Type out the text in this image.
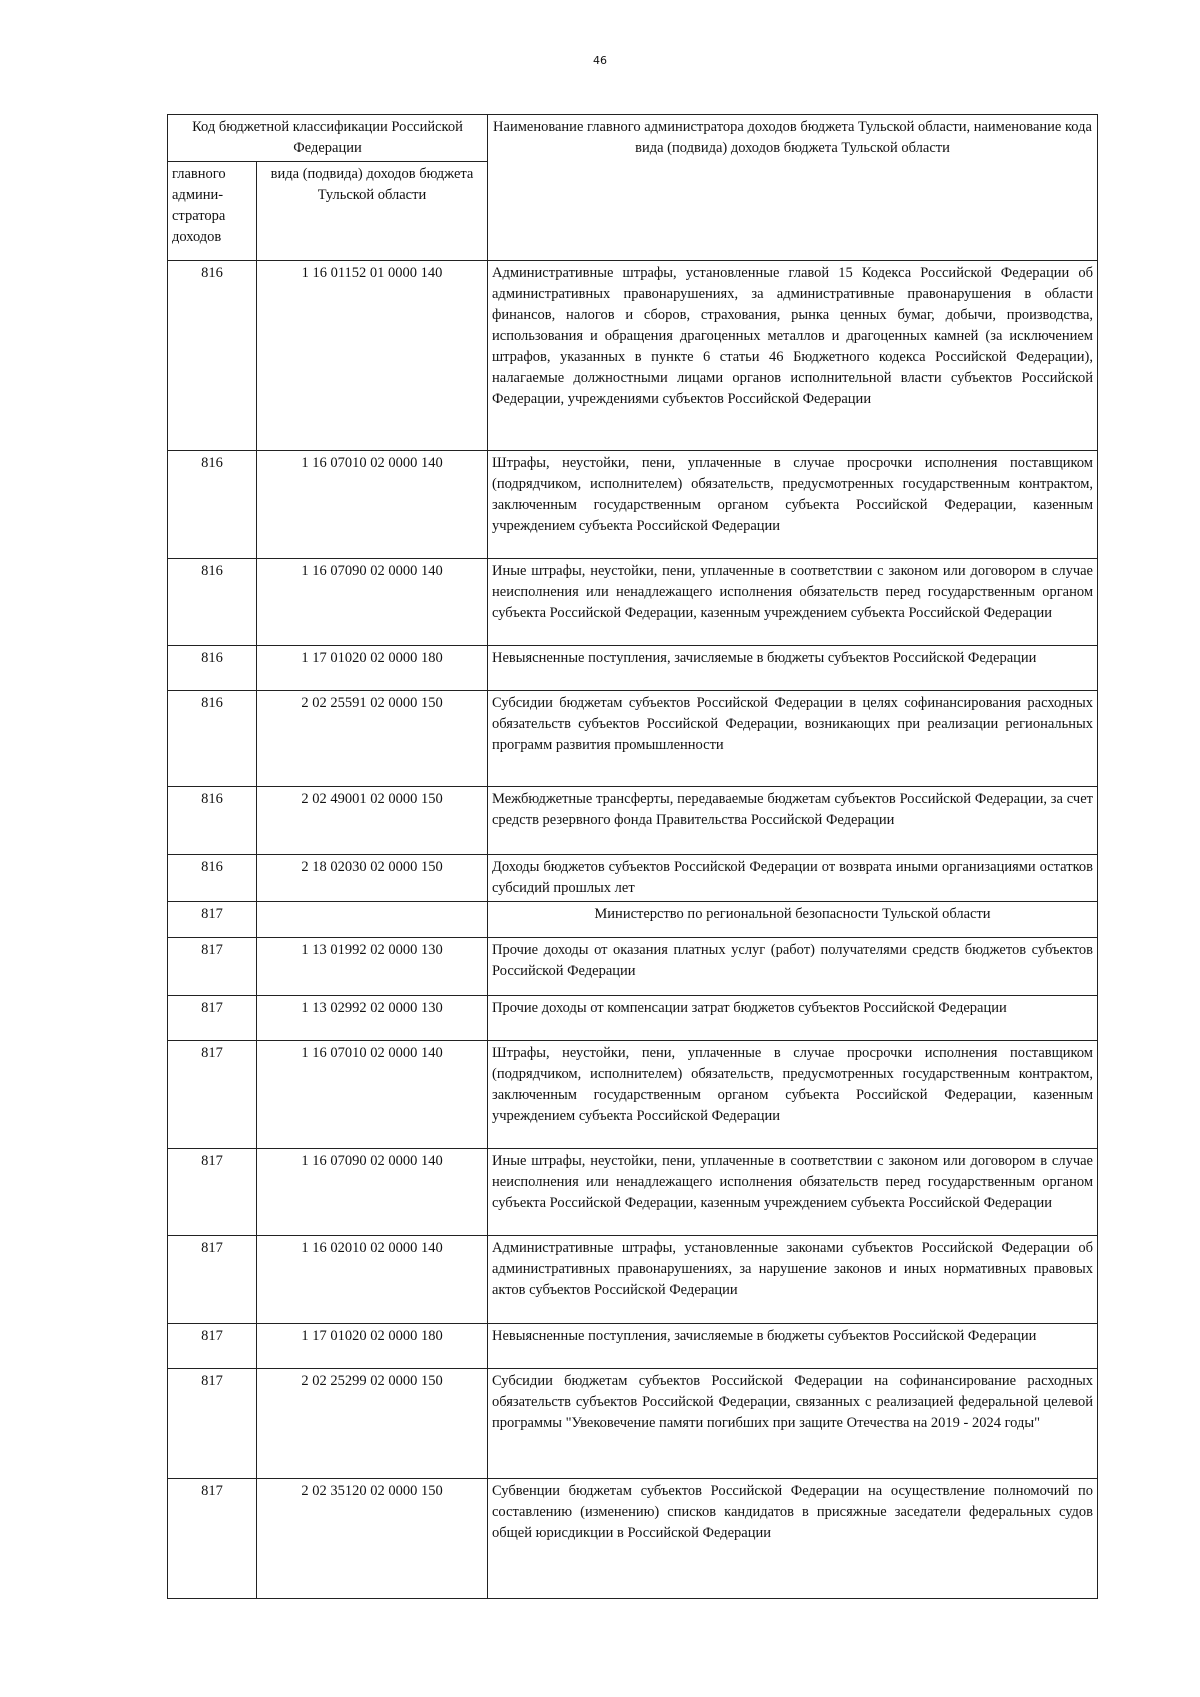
46
Код бюджетной классификации Российской Федерации		Наименование главного администратора доходов бюджета Тульской области, наименование кода вида (подвида) доходов бюджета Тульской области
главного админи-стратора доходов	вида (подвида) доходов бюджета Тульской области	
816	1 16 01152 01 0000 140	Административные штрафы, установленные главой 15 Кодекса Российской Федерации об административных правонарушениях, за административные правонарушения в области финансов, налогов и сборов, страхования, рынка ценных бумаг, добычи, производства, использования и обращения драгоценных металлов и драгоценных камней (за исключением штрафов, указанных в пункте 6 статьи 46 Бюджетного кодекса Российской Федерации), налагаемые должностными лицами органов исполнительной власти субъектов Российской Федерации, учреждениями субъектов Российской Федерации
816	1 16 07010 02 0000 140	Штрафы, неустойки, пени, уплаченные в случае просрочки исполнения поставщиком (подрядчиком, исполнителем) обязательств, предусмотренных государственным контрактом, заключенным государственным органом субъекта Российской Федерации, казенным учреждением субъекта Российской Федерации
816	1 16 07090 02 0000 140	Иные штрафы, неустойки, пени, уплаченные в соответствии с законом или договором в случае неисполнения или ненадлежащего исполнения обязательств перед государственным органом субъекта Российской Федерации, казенным учреждением субъекта Российской Федерации
816	1 17 01020 02 0000 180	Невыясненные поступления, зачисляемые в бюджеты субъектов Российской Федерации
816	2 02 25591 02 0000 150	Субсидии бюджетам субъектов Российской Федерации в целях софинансирования расходных обязательств субъектов Российской Федерации, возникающих при реализации региональных программ развития промышленности
816	2 02 49001 02 0000 150	Межбюджетные трансферты, передаваемые бюджетам субъектов Российской Федерации, за счет средств резервного фонда Правительства Российской Федерации
816	2 18 02030 02 0000 150	Доходы бюджетов субъектов Российской Федерации от возврата иными организациями остатков субсидий прошлых лет
817		Министерство по региональной безопасности Тульской области
817	1 13 01992 02 0000 130	Прочие доходы от оказания платных услуг (работ) получателями средств бюджетов субъектов Российской Федерации
817	1 13 02992 02 0000 130	Прочие доходы от компенсации затрат бюджетов субъектов Российской Федерации
817	1 16 07010 02 0000 140	Штрафы, неустойки, пени, уплаченные в случае просрочки исполнения поставщиком (подрядчиком, исполнителем) обязательств, предусмотренных государственным контрактом, заключенным государственным органом субъекта Российской Федерации, казенным учреждением субъекта Российской Федерации
817	1 16 07090 02 0000 140	Иные штрафы, неустойки, пени, уплаченные в соответствии с законом или договором в случае неисполнения или ненадлежащего исполнения обязательств перед государственным органом субъекта Российской Федерации, казенным учреждением субъекта Российской Федерации
817	1 16 02010 02 0000 140	Административные штрафы, установленные законами субъектов Российской Федерации об административных правонарушениях, за нарушение законов и иных нормативных правовых актов субъектов Российской Федерации
817	1 17 01020 02 0000 180	Невыясненные поступления, зачисляемые в бюджеты субъектов Российской Федерации
817	2 02 25299 02 0000 150	Субсидии бюджетам субъектов Российской Федерации на софинансирование расходных обязательств субъектов Российской Федерации, связанных с реализацией федеральной целевой программы "Увековечение памяти погибших при защите Отечества на 2019 - 2024 годы"
817	2 02 35120 02 0000 150	Субвенции бюджетам субъектов Российской Федерации на осуществление полномочий по составлению (изменению) списков кандидатов в присяжные заседатели федеральных судов общей юрисдикции в Российской Федерации
